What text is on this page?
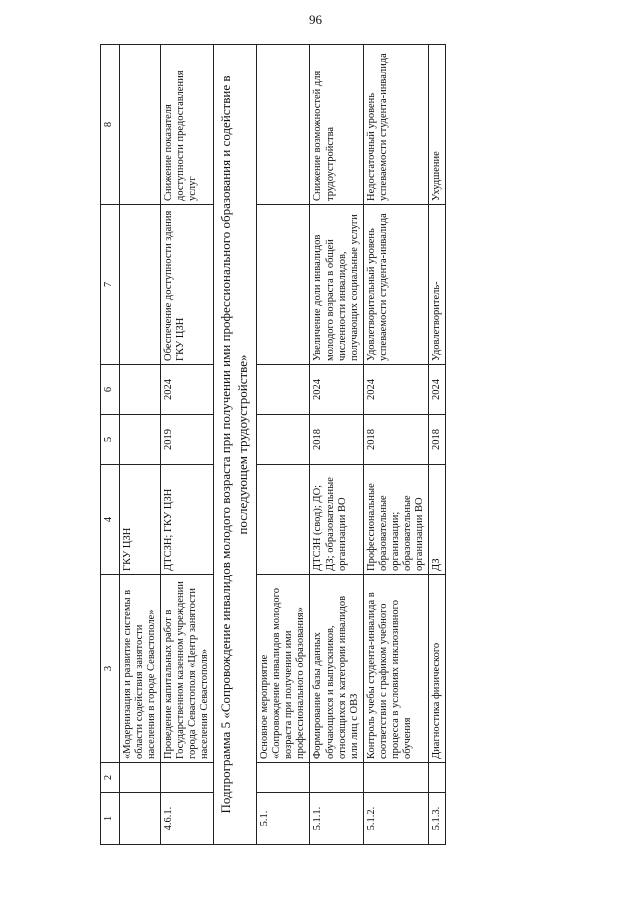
96
1	2	3	4	5	6	7	8
		«Модернизация и развитие системы в области содействия занятости населения в городе Севастополе»	ГКУ ЦЗН				
4.6.1.		Проведение капитальных работ в Государственном казенном учреждении города Севастополя «Центр занятости населения Севастополя»	ДТСЗН; ГКУ ЦЗН	2019	2024	Обеспечение доступности здания ГКУ ЦЗН	Снижение показателя доступности предоставления услуг
Подпрограмма 5 «Сопровождение инвалидов молодого возраста при получении ими профессионального образования и содействие в последующем трудоустройстве»							
5.1.		Основное мероприятие «Сопровождение инвалидов молодого возраста при получении ими профессионального образования»					
5.1.1.		Формирование базы данных обучающихся и выпускников, относящихся к категории инвалидов или лиц с ОВЗ	ДТСЗН (свод); ДО; ДЗ; образовательные организации ВО	2018	2024	Увеличение доли инвалидов молодого возраста в общей численности инвалидов, получающих социальные услуги	Снижение возможностей для трудоустройства
5.1.2.		Контроль учебы студента-инвалида в соответствии с графиком учебного процесса в условиях инклюзивного обучения	Профессиональные образовательные организации; образовательные организации ВО	2018	2024	Удовлетворительный уровень успеваемости студента-инвалида	Недостаточный уровень успеваемости студента-инвалида
5.1.3.		Диагностика физического	ДЗ	2018	2024	Удовлетворитель-	Ухудшение
